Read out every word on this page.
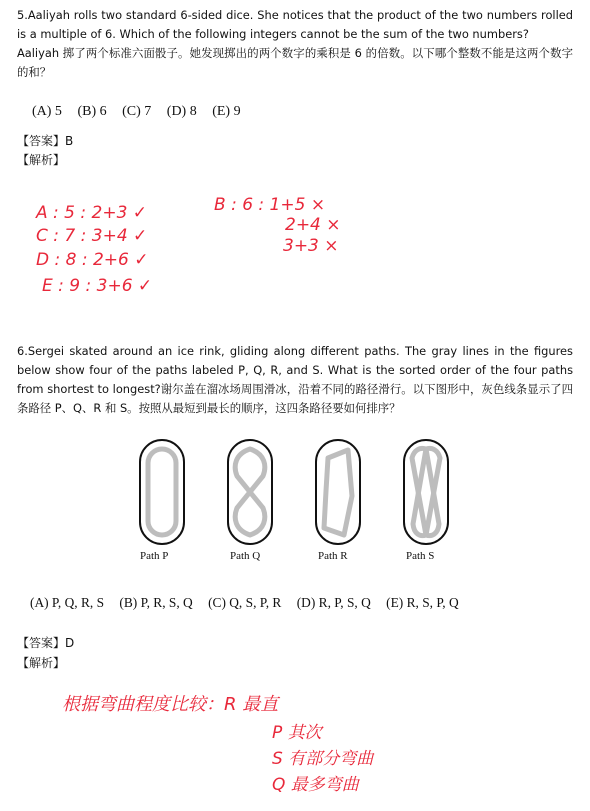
5.Aaliyah rolls two standard 6-sided dice. She notices that the product of the two numbers rolled is a multiple of 6. Which of the following integers cannot be the sum of the two numbers?
Aaliyah 掷了两个标准六面骰子。她发现掷出的两个数字的乘积是 6 的倍数。以下哪个整数不能是这两个数字的和？
(A) 5 (B) 6 (C) 7 (D) 8 (E) 9
【答案】B
【解析】
A : 5 : 2+3 ✓
C : 7 : 3+4 ✓
D : 8 : 2+6 ✓
E : 9 : 3+6 ✓
B : 6 : 1+5 ×
2+4 ×
3+3 ×
6.Sergei skated around an ice rink, gliding along different paths. The gray lines in the figures below show four of the paths labeled P, Q, R, and S. What is the sorted order of the four paths from shortest to longest?谢尔盖在溜冰场周围滑冰，沿着不同的路径滑行。以下图形中，灰色线条显示了四条路径 P、Q、R 和 S。按照从最短到最长的顺序，这四条路径要如何排序？
Path P	Path Q	Path R	Path S
(A) P, Q, R, S (B) P, R, S, Q (C) Q, S, P, R (D) R, P, S, Q (E) R, S, P, Q
【答案】D
【解析】
根据弯曲程度比较：R 最直
P 其次
S 有部分弯曲
Q 最多弯曲
